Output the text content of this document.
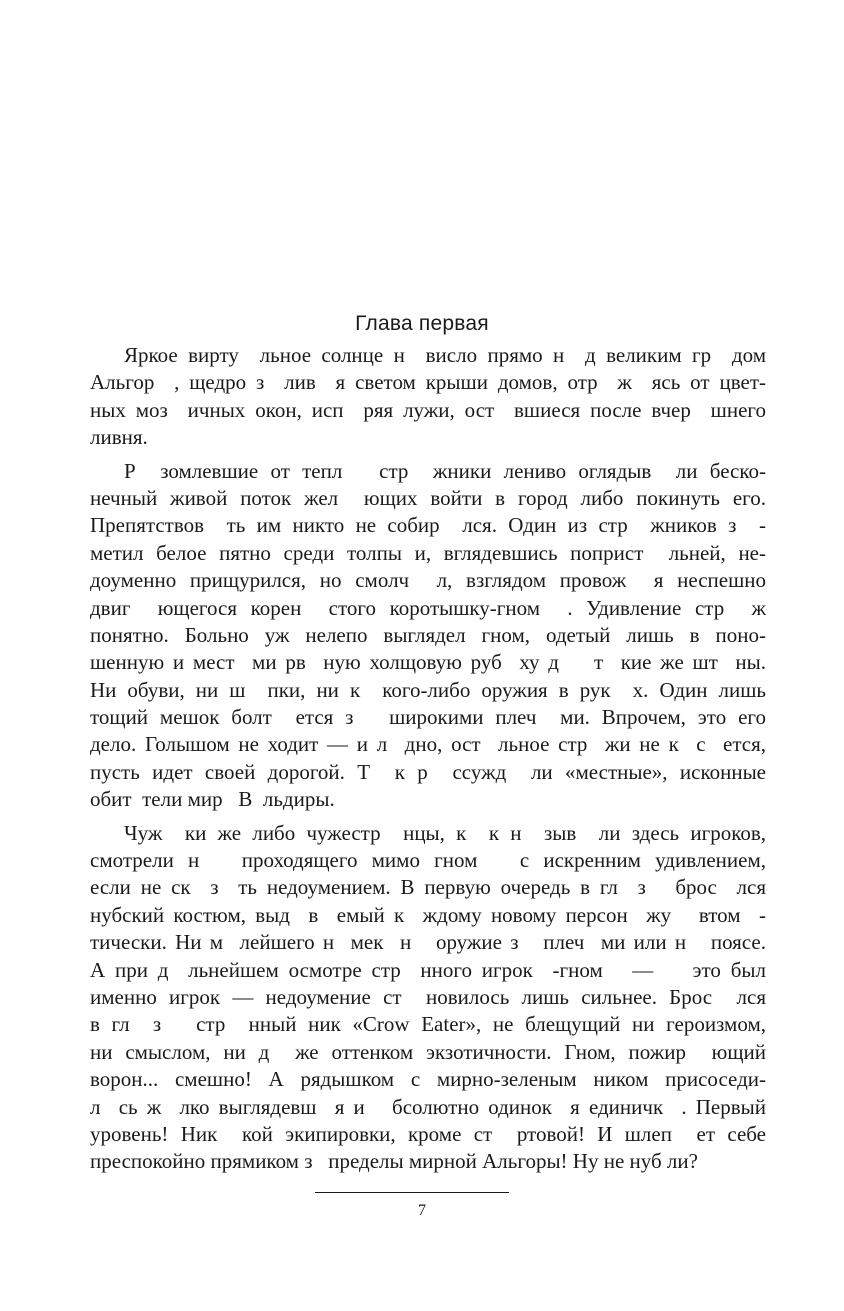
Глава первая
Яркое вирту  льное солнце н  висло прямо н  д великим гр  дом
Альгор  , щедро з  лив  я светом крыши домов, отр  ж  ясь от цвет-
ных моз  ичных окон, исп  ряя лужи, ост  вшиеся после вчер  шнего
ливня.
Р  зомлевшие от тепл   стр  жники лениво оглядыв  ли беско-
нечный живой поток жел  ющих войти в город либо покинуть его.
Препятствов  ть им никто не собир  лся. Один из стр  жников з  -
метил белое пятно среди толпы и, вглядевшись поприст  льней, не-
доуменно прищурился, но смолч  л, взглядом провож  я неспешно
двиг  ющегося корен  стого коротышку-гном  . Удивление стр  ж
понятно. Больно уж нелепо выглядел гном, одетый лишь в поно-
шенную и мест  ми рв  ную холщовую руб  ху д    т  кие же шт  ны.
Ни обуви, ни ш  пки, ни к  кого-либо оружия в рук  х. Один лишь
тощий мешок болт  ется з   широкими плеч  ми. Впрочем, это его
дело. Голышом не ходит — и л  дно, ост  льное стр  жи не к  с  ется,
пусть идет своей дорогой. Т  к р  ссужд  ли «местные», исконные
обит  тели мир   В  льдиры.
Чуж  ки же либо чужестр  нцы, к  к н  зыв  ли здесь игроков,
смотрели н   проходящего мимо гном   с искренним удивлением,
если не ск  з  ть недоумением. В первую очередь в гл  з   брос  лся
нубский костюм, выд  в  емый к  ждому новому персон  жу   втом  -
тически. Ни м  лейшего н  мек  н   оружие з   плеч  ми или н   поясе.
А при д  льнейшем осмотре стр  нного игрок  -гном   —    это был
именно игрок — недоумение ст  новилось лишь сильнее. Брос  лся
в гл  з   стр  нный ник «Crow Eater», не блещущий ни героизмом,
ни смыслом, ни д  же оттенком экзотичности. Гном, пожир  ющий
ворон... смешно! А рядышком с мирно-зеленым ником присоседи-
л  сь ж  лко выглядевш  я и   бсолютно одинок  я единичк  . Первый
уровень! Ник  кой экипировки, кроме ст  ртовой! И шлеп  ет себе
преспокойно прямиком з   пределы мирной Альгоры! Ну не нуб ли?
7
